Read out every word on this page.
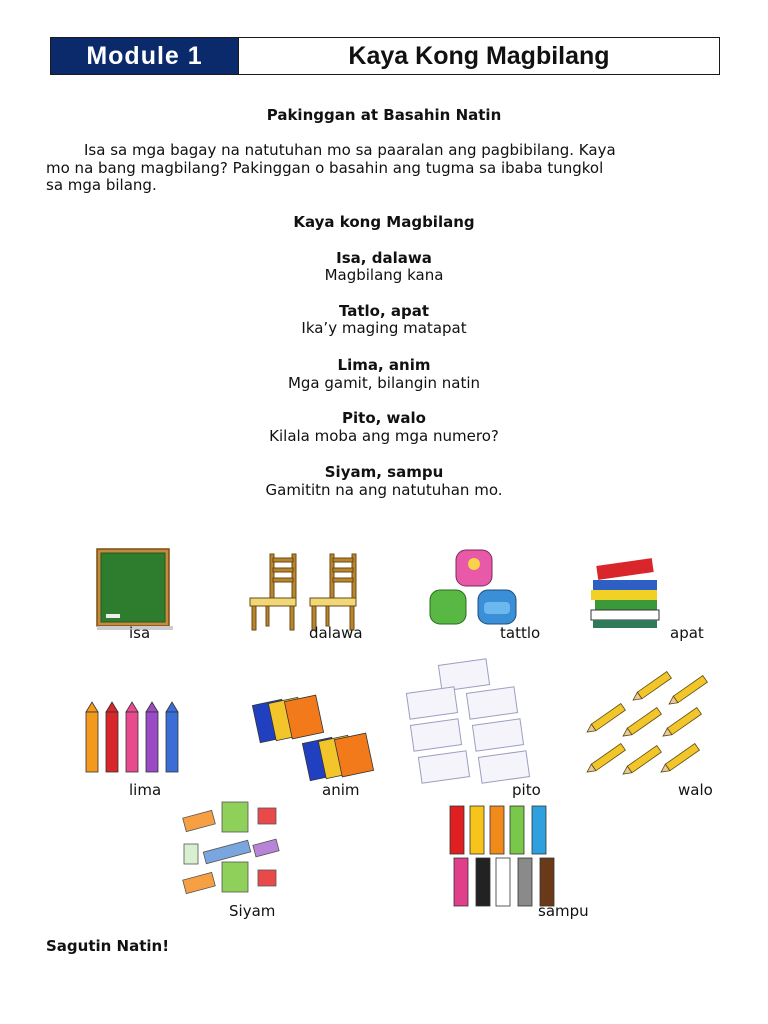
Module 1	Kaya Kong Magbilang
Pakinggan at Basahin Natin
Isa sa mga bagay na natutuhan mo sa paaralan ang pagbibilang. Kaya
mo na bang magbilang? Pakinggan o basahin ang tugma sa ibaba tungkol
sa mga bilang.
Kaya kong Magbilang
Isa, dalawa
Magbilang kana
Tatlo, apat
Ika’y maging matapat
Lima, anim
Mga gamit, bilangin natin
Pito, walo
Kilala moba ang mga numero?
Siyam, sampu
Gamititn na ang natutuhan mo.
isa	dalawa	tattlo	apat
lima	anim	pito	walo
Siyam	sampu
Sagutin Natin!
